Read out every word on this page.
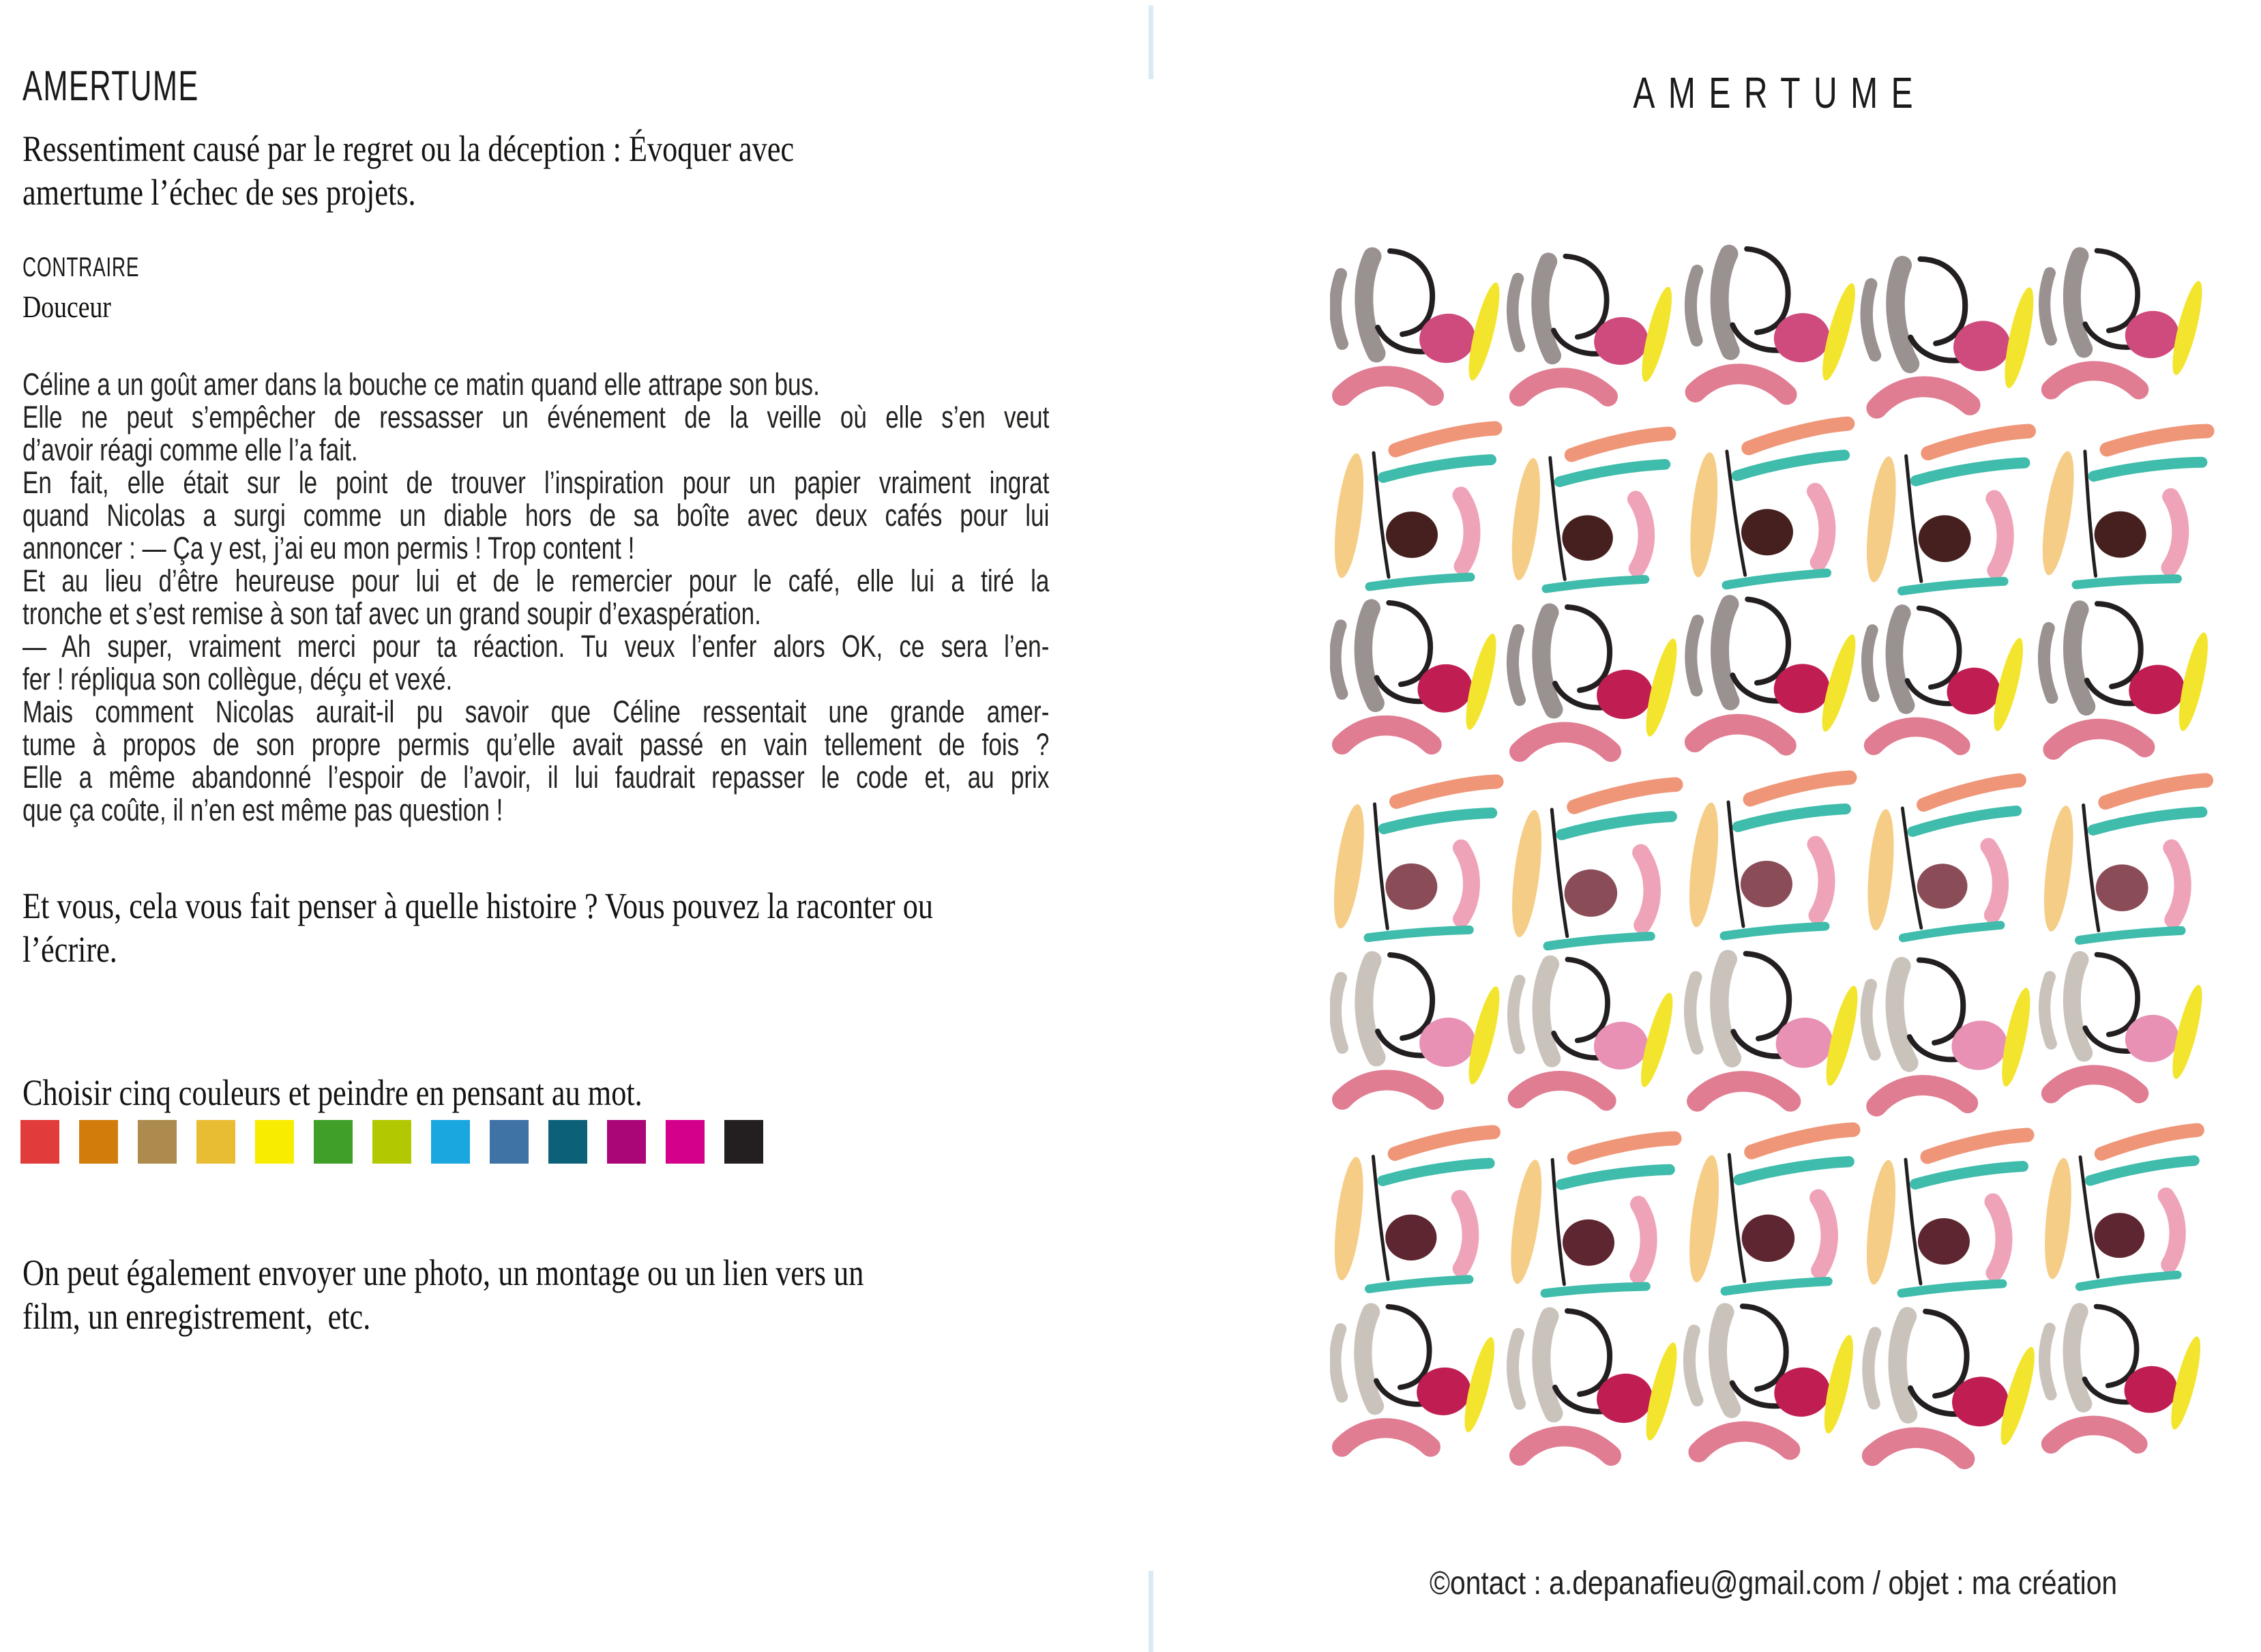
AMERTUME
Ressentiment causé par le regret ou la déception : Évoquer avec
amertume l’échec de ses projets.
CONTRAIRE
Douceur
Céline a un goût amer dans la bouche ce matin quand elle attrape son bus.
Elle ne peut s’empêcher de ressasser un événement de la veille où elle s’en veut
d’avoir réagi comme elle l’a fait.
En fait, elle était sur le point de trouver l’inspiration pour un papier vraiment ingrat
quand Nicolas a surgi comme un diable hors de sa boîte avec deux cafés pour lui
annoncer : — Ça y est, j’ai eu mon permis ! Trop content !
Et au lieu d’être heureuse pour lui et de le remercier pour le café, elle lui a tiré la
tronche et s’est remise à son taf avec un grand soupir d’exaspération.
— Ah super, vraiment merci pour ta réaction. Tu veux l’enfer alors OK, ce sera l’en-
fer ! répliqua son collègue, déçu et vexé.
Mais comment Nicolas aurait-il pu savoir que Céline ressentait une grande amer-
tume à propos de son propre permis qu’elle avait passé en vain tellement de fois ?
Elle a même abandonné l’espoir de l’avoir, il lui faudrait repasser le code et, au prix
que ça coûte, il n’en est même pas question !
Et vous, cela vous fait penser à quelle histoire ? Vous pouvez la raconter ou
l’écrire.
Choisir cinq couleurs et peindre en pensant au mot.
On peut également envoyer une photo, un montage ou un lien vers un
film, un enregistrement,  etc.
AMERTUME
©ontact : a.depanafieu@gmail.com / objet : ma création
